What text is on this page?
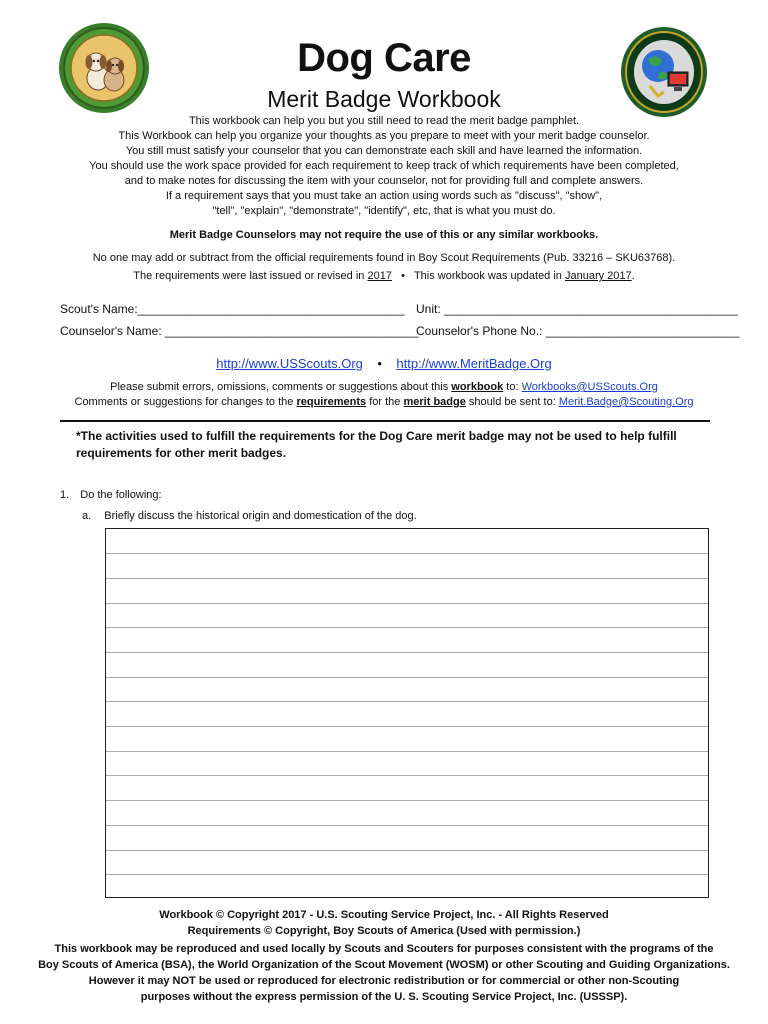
Dog Care
Merit Badge Workbook
This workbook can help you but you still need to read the merit badge pamphlet.
This Workbook can help you organize your thoughts as you prepare to meet with your merit badge counselor.
You still must satisfy your counselor that you can demonstrate each skill and have learned the information.
You should use the work space provided for each requirement to keep track of which requirements have been completed,
and to make notes for discussing the item with your counselor, not for providing full and complete answers.
If a requirement says that you must take an action using words such as "discuss", "show",
"tell", "explain", "demonstrate", "identify", etc, that is what you must do.
Merit Badge Counselors may not require the use of this or any similar workbooks.
No one may add or subtract from the official requirements found in Boy Scout Requirements (Pub. 33216 – SKU63768).
The requirements were last issued or revised in 2017 • This workbook was updated in January 2017.
Scout's Name:________________________________________ Unit: ____________________________________________
Counselor's Name: ______________________________________
Counselor's Phone No.: _____________________________
http://www.USScouts.Org • http://www.MeritBadge.Org
Please submit errors, omissions, comments or suggestions about this workbook to: Workbooks@USScouts.Org
Comments or suggestions for changes to the requirements for the merit badge should be sent to: Merit.Badge@Scouting.Org
*The activities used to fulfill the requirements for the Dog Care merit badge may not be used to help fulfill requirements for other merit badges.
1. Do the following:
a. Briefly discuss the historical origin and domestication of the dog.
Workbook © Copyright 2017 - U.S. Scouting Service Project, Inc. - All Rights Reserved
Requirements © Copyright, Boy Scouts of America (Used with permission.)
This workbook may be reproduced and used locally by Scouts and Scouters for purposes consistent with the programs of the
Boy Scouts of America (BSA), the World Organization of the Scout Movement (WOSM) or other Scouting and Guiding Organizations.
However it may NOT be used or reproduced for electronic redistribution or for commercial or other non-Scouting
purposes without the express permission of the U. S. Scouting Service Project, Inc. (USSSP).
